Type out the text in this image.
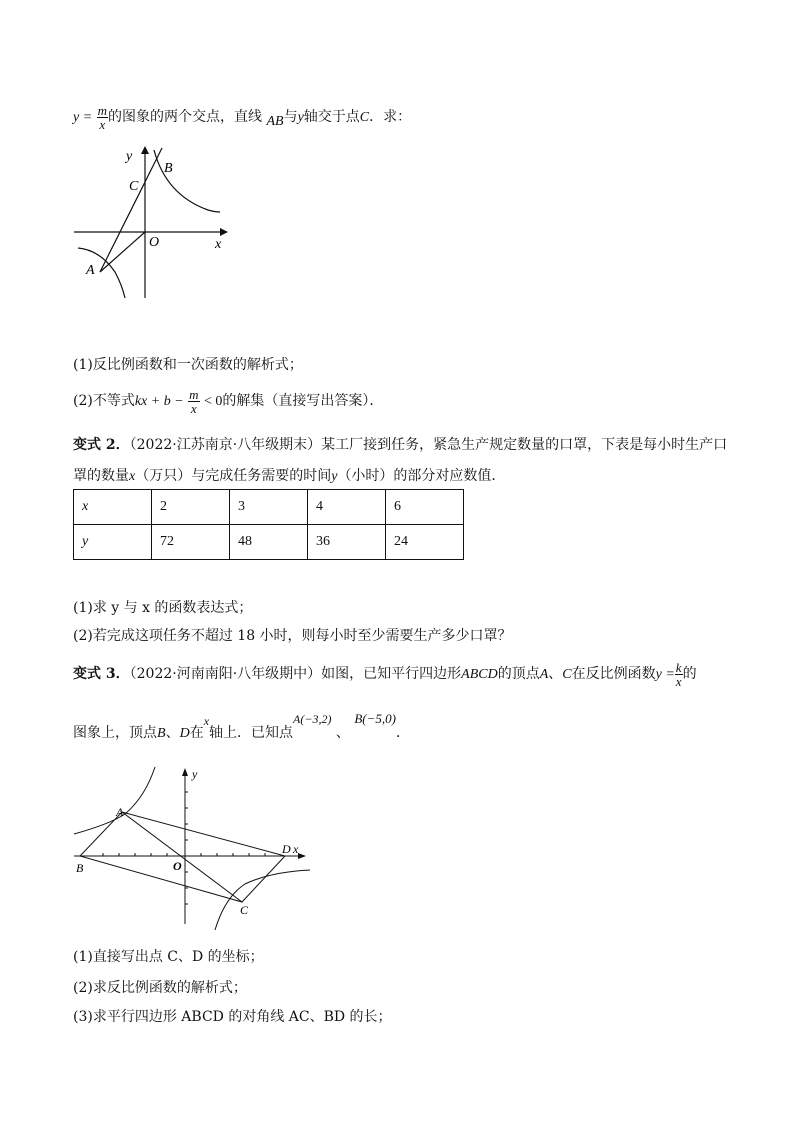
$y = \frac{m}{x}$ 的图象的两个交点，直线 AB与y轴交于点C．求：
y
B
C
O	x
A
(1)反比例函数和一次函数的解析式；
(2)不等式kx + $b - \frac{m}{x} < 0$的解集（直接写出答案）．
变式 2．（2022·江苏南京·八年级期末）某工厂接到任务，紧急生产规定数量的口罩，下表是每小时生产口
罩的数量x（万只）与完成任务需要的时间y（小时）的部分对应数值．
x	2	3	4	6
y	72	48	36	24
(1)求 y 与 x 的函数表达式；
(2)若完成这项任务不超过 18 小时，则每小时至少需要生产多少口罩？
变式 3．（2022·河南南阳·八年级期中）如图，已知平行四边形ABCD的顶点A、C在反比例函数$y = \frac{k}{x}$ 的
图象上，顶点B、D在x轴上．已知点A(−3,2) 、 B(−5,0)．
y
A
D x
O
B
C
(1)直接写出点 C、D 的坐标；
(2)求反比例函数的解析式；
(3)求平行四边形 ABCD 的对角线 AC、BD 的长；
